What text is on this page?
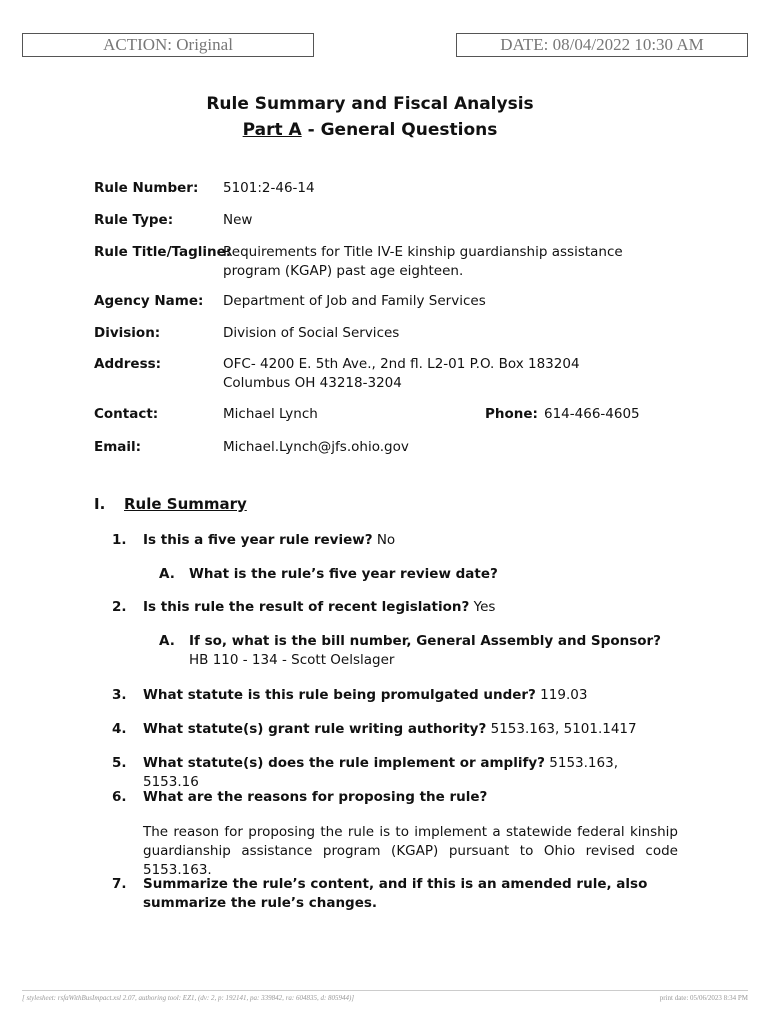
ACTION: Original	DATE: 08/04/2022 10:30 AM
Rule Summary and Fiscal Analysis
Part A - General Questions
Rule Number: 5101:2-46-14
Rule Type:	New
Rule Title/Tagline:
Requirements for Title IV-E kinship guardianship assistance program (KGAP) past age eighteen.
Agency Name: Department of Job and Family Services
Division:	Division of Social Services
Address:	OFC- 4200 E. 5th Ave., 2nd fl. L2-01 P.O. Box 183204 Columbus OH 43218-3204
Contact:	Michael Lynch	Phone: 614-466-4605
Email:	Michael.Lynch@jfs.ohio.gov
I. Rule Summary
1. Is this a five year rule review? No
A. What is the rule’s five year review date?
2. Is this rule the result of recent legislation? Yes
A. If so, what is the bill number, General Assembly and Sponsor? HB 110 - 134 - Scott Oelslager
3. What statute is this rule being promulgated under? 119.03
4. What statute(s) grant rule writing authority? 5153.163, 5101.1417
5. What statute(s) does the rule implement or amplify? 5153.163, 5153.16
6. What are the reasons for proposing the rule?
The reason for proposing the rule is to implement a statewide federal kinship guardianship assistance program (KGAP) pursuant to Ohio revised code 5153.163.
7. Summarize the rule’s content, and if this is an amended rule, also summarize the rule’s changes.
[ stylesheet: rsfaWithBusImpact.xsl 2.07, authoring tool: EZ1, (dv: 2, p: 192141, pa: 339842, ra: 604835, d: 805944)]	print date: 05/06/2023 8:34 PM
